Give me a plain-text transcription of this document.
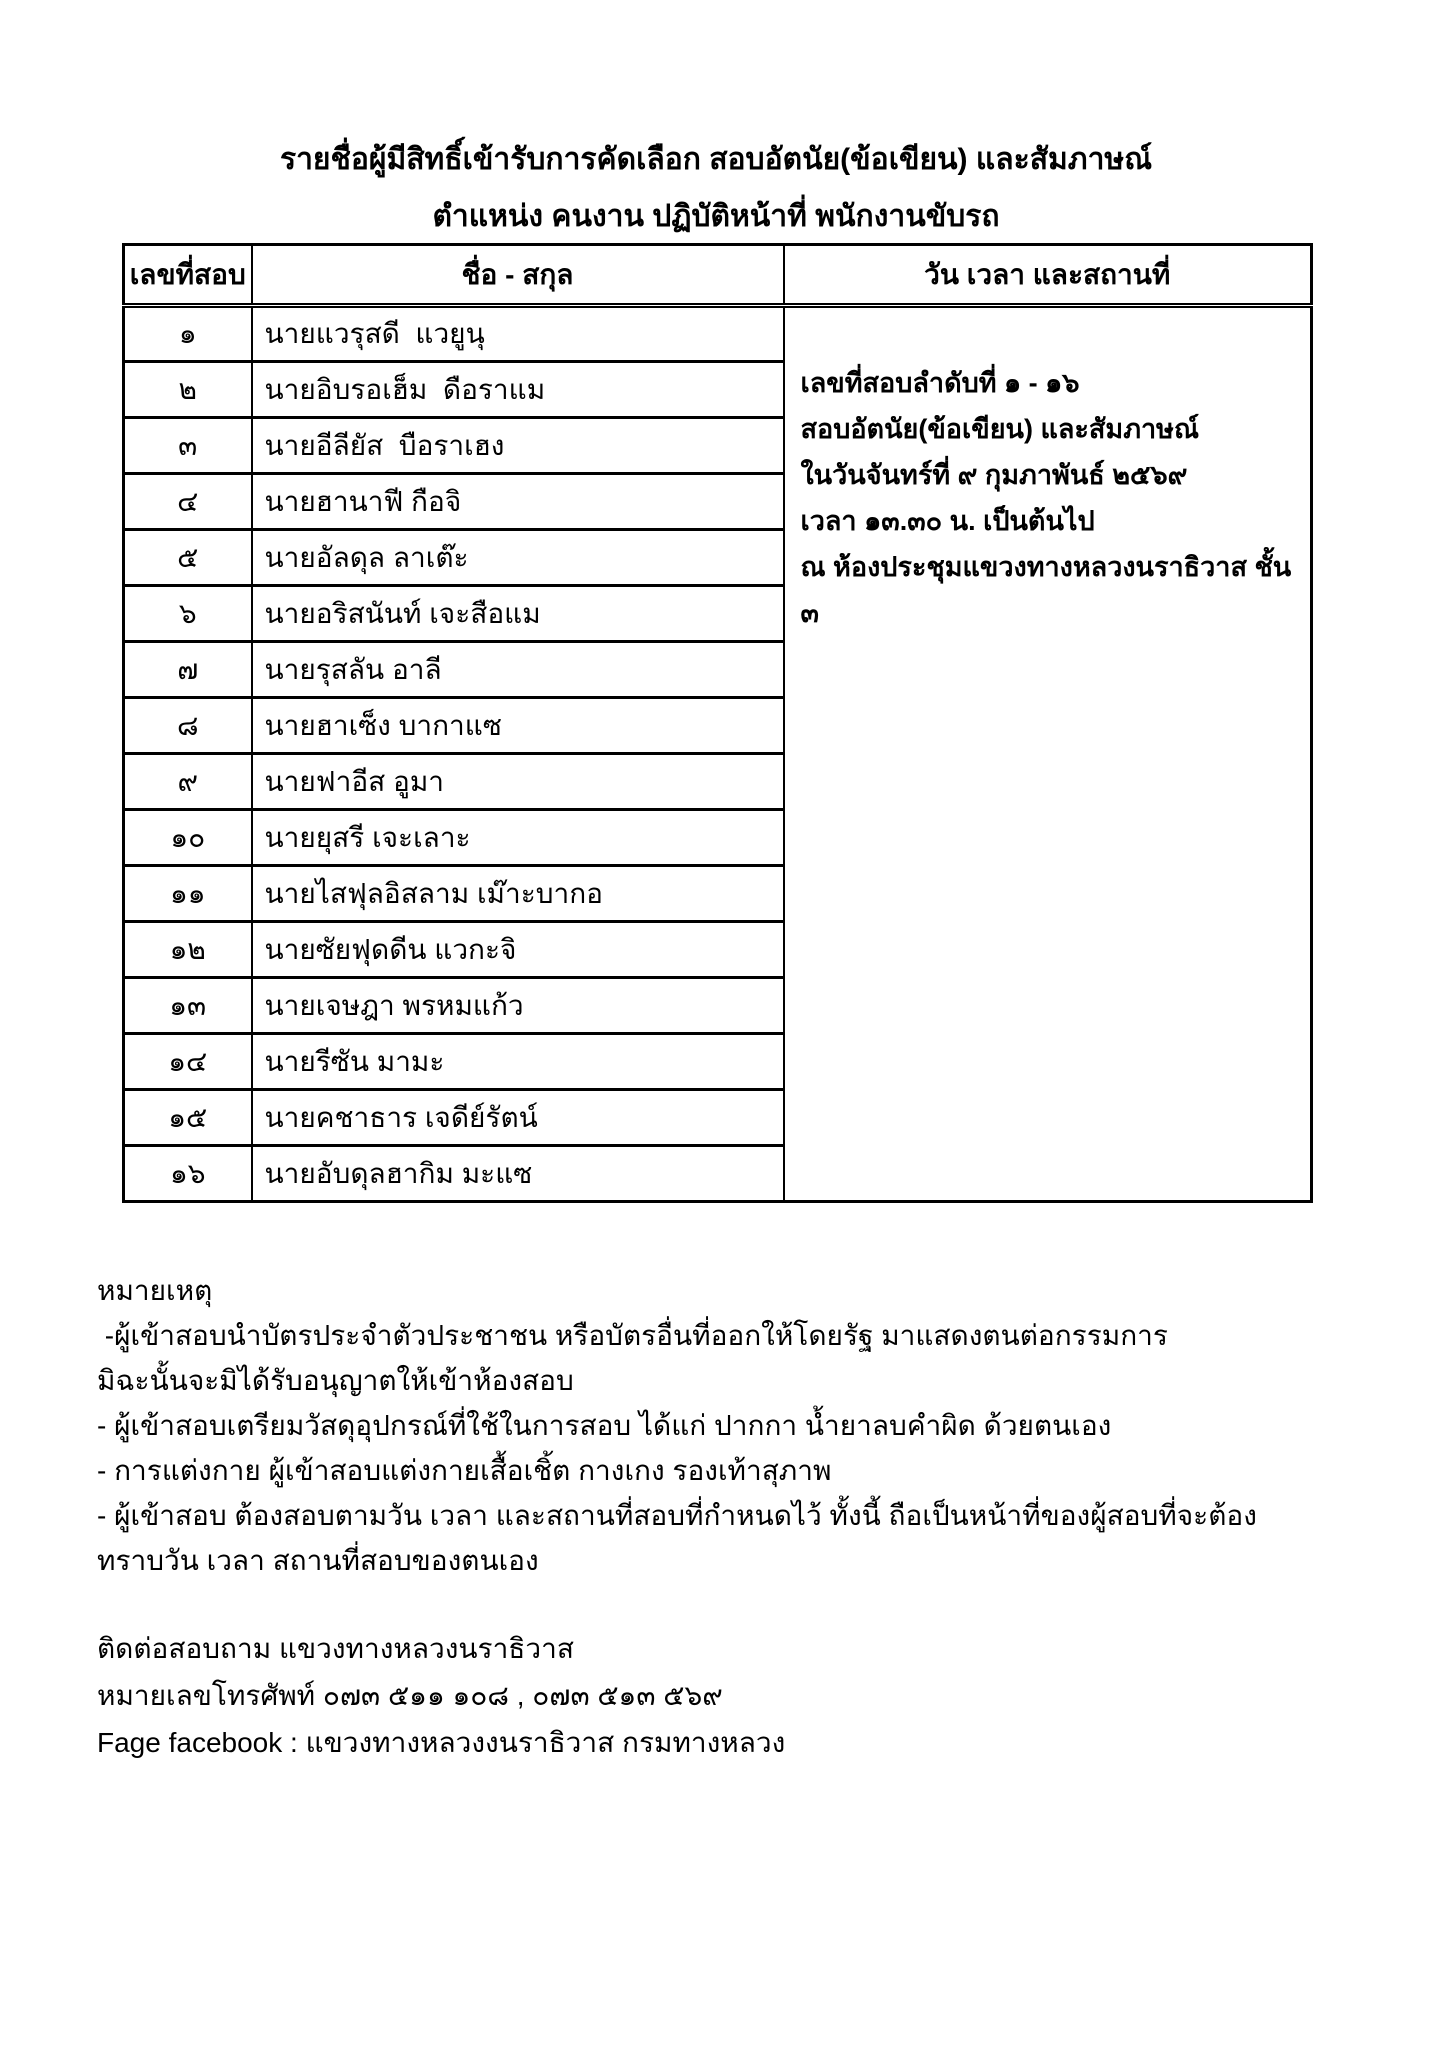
รายชื่อผู้มีสิทธิ์เข้ารับการคัดเลือก สอบอัตนัย(ข้อเขียน) และสัมภาษณ์
ตำแหน่ง คนงาน ปฏิบัติหน้าที่ พนักงานขับรถ
เลขที่สอบ	ชื่อ - สกุล	วัน เวลา และสถานที่
๑	นายแวรุสดี  แวยูนุ	เลขที่สอบลำดับที่ ๑ - ๑๖
สอบอัตนัย(ข้อเขียน) และสัมภาษณ์
ในวันจันทร์ที่ ๙ กุมภาพันธ์ ๒๕๖๙
เวลา ๑๓.๓๐ น. เป็นต้นไป
ณ ห้องประชุมแขวงทางหลวงนราธิวาส ชั้น ๓

๒	นายอิบรอเฮ็ม  ดือราแม	
๓	นายอีลียัส  บือราเฮง	
๔	นายฮานาฟี กือจิ	
๕	นายอัลดุล ลาเต๊ะ	
๖	นายอริสนันท์ เจะสือแม	
๗	นายรุสลัน อาลี	
๘	นายฮาเซ็ง บากาแซ	
๙	นายฟาอีส อูมา	
๑๐	นายยุสรี เจะเลาะ	
๑๑	นายไสฟุลอิสลาม เม๊าะบากอ	
๑๒	นายซัยฟุดดีน แวกะจิ	
๑๓	นายเจษฎา พรหมแก้ว	
๑๔	นายรีซัน มามะ	
๑๕	นายคชาธาร เจดีย์รัตน์	
๑๖	นายอับดุลฮากิม มะแซ	
หมายเหตุ
-ผู้เข้าสอบนำบัตรประจำตัวประชาชน หรือบัตรอื่นที่ออกให้โดยรัฐ มาแสดงตนต่อกรรมการ
มิฉะนั้นจะมิได้รับอนุญาตให้เข้าห้องสอบ
- ผู้เข้าสอบเตรียมวัสดุอุปกรณ์ที่ใช้ในการสอบ ได้แก่ ปากกา น้ำยาลบคำผิด ด้วยตนเอง
- การแต่งกาย ผู้เข้าสอบแต่งกายเสื้อเชิ้ต กางเกง รองเท้าสุภาพ
- ผู้เข้าสอบ ต้องสอบตามวัน เวลา และสถานที่สอบที่กำหนดไว้ ทั้งนี้ ถือเป็นหน้าที่ของผู้สอบที่จะต้อง
ทราบวัน เวลา สถานที่สอบของตนเอง
ติดต่อสอบถาม แขวงทางหลวงนราธิวาส
หมายเลขโทรศัพท์ ๐๗๓ ๕๑๑ ๑๐๘ , ๐๗๓ ๕๑๓ ๕๖๙
Fage facebook : แขวงทางหลวงงนราธิวาส กรมทางหลวง
